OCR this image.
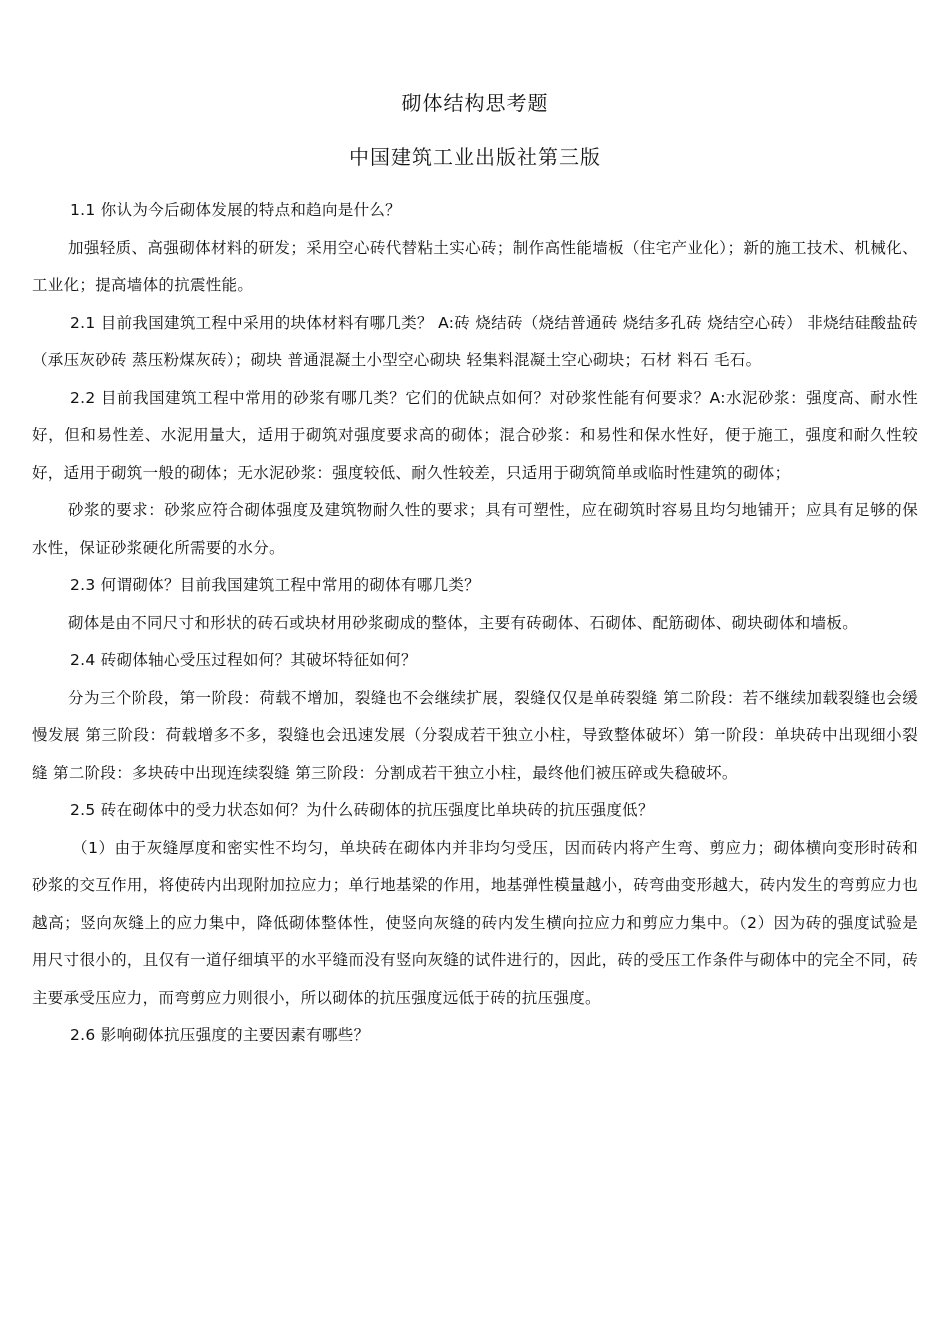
砌体结构思考题
中国建筑工业出版社第三版

1.1 你认为今后砌体发展的特点和趋向是什么？

加强轻质、高强砌体材料的研发；采用空心砖代替粘土实心砖；制作高性能墙板（住宅产业化）；新的施工技术、机械化、工业化；提高墙体的抗震性能。

2.1 目前我国建筑工程中采用的块体材料有哪几类？ A:砖 烧结砖（烧结普通砖 烧结多孔砖 烧结空心砖） 非烧结硅酸盐砖（承压灰砂砖 蒸压粉煤灰砖）；砌块 普通混凝土小型空心砌块 轻集料混凝土空心砌块；石材 料石 毛石。

2.2 目前我国建筑工程中常用的砂浆有哪几类？它们的优缺点如何？对砂浆性能有何要求？A:水泥砂浆：强度高、耐水性好，但和易性差、水泥用量大，适用于砌筑对强度要求高的砌体；混合砂浆：和易性和保水性好，便于施工，强度和耐久性较好，适用于砌筑一般的砌体；无水泥砂浆：强度较低、耐久性较差，只适用于砌筑简单或临时性建筑的砌体；

砂浆的要求：砂浆应符合砌体强度及建筑物耐久性的要求；具有可塑性，应在砌筑时容易且均匀地铺开；应具有足够的保水性，保证砂浆硬化所需要的水分。

2.3 何谓砌体？目前我国建筑工程中常用的砌体有哪几类？

砌体是由不同尺寸和形状的砖石或块材用砂浆砌成的整体，主要有砖砌体、石砌体、配筋砌体、砌块砌体和墙板。

2.4 砖砌体轴心受压过程如何？其破坏特征如何？

分为三个阶段，第一阶段：荷载不增加，裂缝也不会继续扩展，裂缝仅仅是单砖裂缝 第二阶段：若不继续加载裂缝也会缓慢发展 第三阶段：荷载增多不多，裂缝也会迅速发展（分裂成若干独立小柱，导致整体破坏）第一阶段：单块砖中出现细小裂缝 第二阶段：多块砖中出现连续裂缝 第三阶段：分割成若干独立小柱，最终他们被压碎或失稳破坏。

2.5 砖在砌体中的受力状态如何？为什么砖砌体的抗压强度比单块砖的抗压强度低？

（1）由于灰缝厚度和密实性不均匀，单块砖在砌体内并非均匀受压，因而砖内将产生弯、剪应力；砌体横向变形时砖和砂浆的交互作用，将使砖内出现附加拉应力；单行地基梁的作用，地基弹性模量越小，砖弯曲变形越大，砖内发生的弯剪应力也越高；竖向灰缝上的应力集中，降低砌体整体性，使竖向灰缝的砖内发生横向拉应力和剪应力集中。（2）因为砖的强度试验是用尺寸很小的，且仅有一道仔细填平的水平缝而没有竖向灰缝的试件进行的，因此，砖的受压工作条件与砌体中的完全不同，砖主要承受压应力，而弯剪应力则很小，所以砌体的抗压强度远低于砖的抗压强度。

2.6 影响砌体抗压强度的主要因素有哪些？
